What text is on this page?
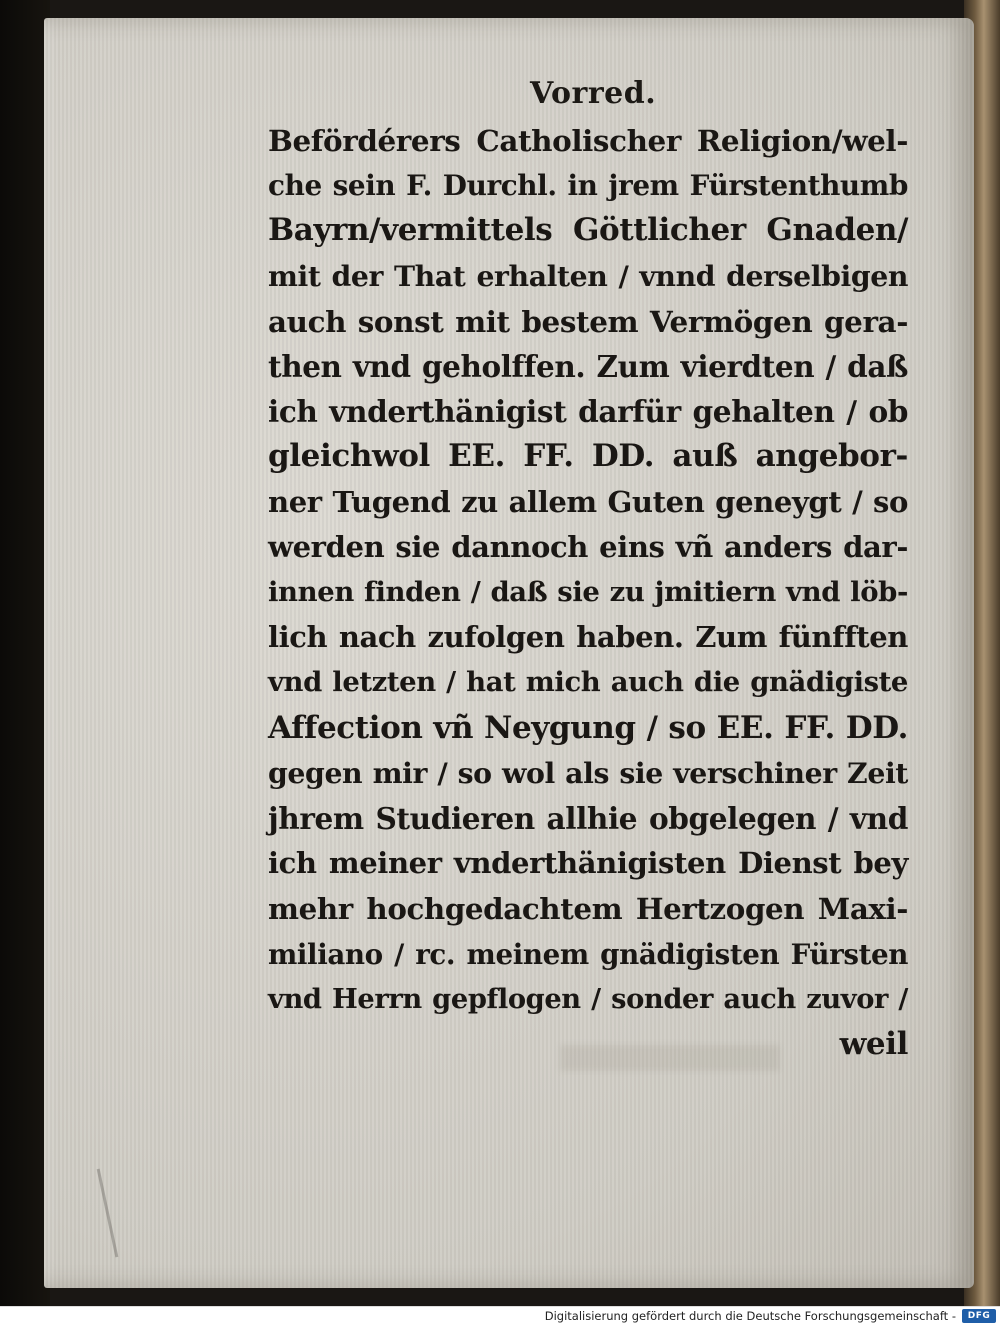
Vorred.
Befördérers Catholischer Religion/wel-
che sein F. Durchl. in jrem Fürstenthumb
Bayrn/vermittels Göttlicher Gnaden/
mit der That erhalten / vnnd derselbigen
auch sonst mit bestem Vermögen gera-
then vnd geholffen. Zum vierdten / daß
ich vnderthänigist darfür gehalten / ob
gleichwol EE. FF. DD. auß angebor-
ner Tugend zu allem Guten geneygt / so
werden sie dannoch eins vñ anders dar-
innen finden / daß sie zu jmitiern vnd löb-
lich nach zufolgen haben. Zum fünfften
vnd letzten / hat mich auch die gnädigiste
Affection vñ Neygung / so EE. FF. DD.
gegen mir / so wol als sie verschiner Zeit
jhrem Studieren allhie obgelegen / vnd
ich meiner vnderthänigisten Dienst bey
mehr hochgedachtem Hertzogen Maxi-
miliano / rc. meinem gnädigisten Fürsten
vnd Herrn gepflogen / sonder auch zuvor /
weil
Digitalisierung gefördert durch die Deutsche Forschungsgemeinschaft -	DFG
